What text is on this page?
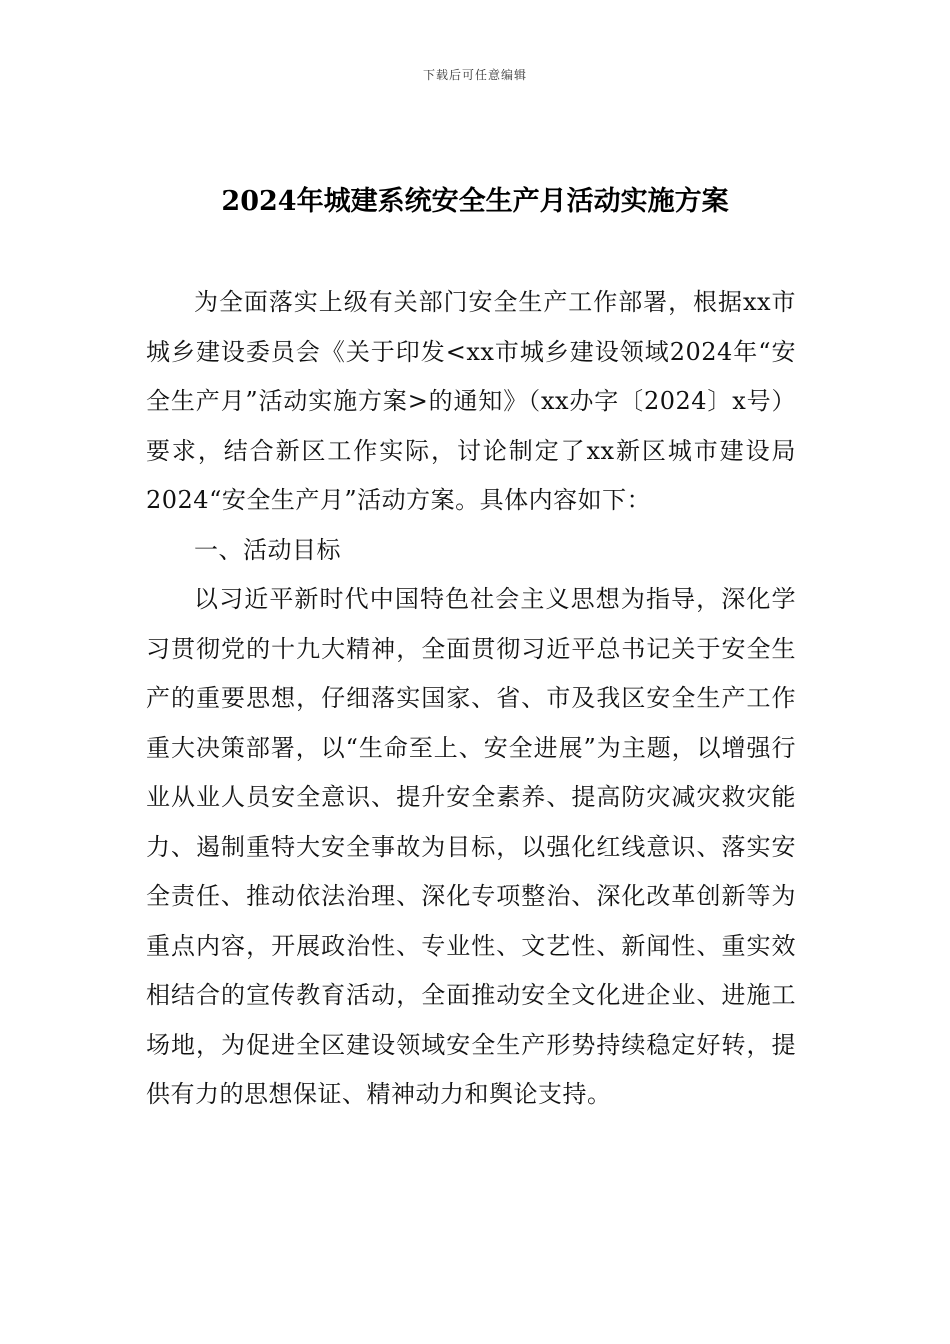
下载后可任意编辑
2024年城建系统安全生产月活动实施方案

为全面落实上级有关部门安全生产工作部署，根据xx市城乡建设委员会《关于印发<xx市城乡建设领域2024年“安全生产月”活动实施方案>的通知》（xx办字〔2024〕x号）要求，结合新区工作实际，讨论制定了xx新区城市建设局2024“安全生产月”活动方案。具体内容如下：

一、活动目标

以习近平新时代中国特色社会主义思想为指导，深化学习贯彻党的十九大精神，全面贯彻习近平总书记关于安全生产的重要思想，仔细落实国家、省、市及我区安全生产工作重大决策部署，以“生命至上、安全进展”为主题，以增强行业从业人员安全意识、提升安全素养、提高防灾减灾救灾能力、遏制重特大安全事故为目标，以强化红线意识、落实安全责任、推动依法治理、深化专项整治、深化改革创新等为重点内容，开展政治性、专业性、文艺性、新闻性、重实效相结合的宣传教育活动，全面推动安全文化进企业、进施工场地，为促进全区建设领域安全生产形势持续稳定好转，提供有力的思想保证、精神动力和舆论支持。
